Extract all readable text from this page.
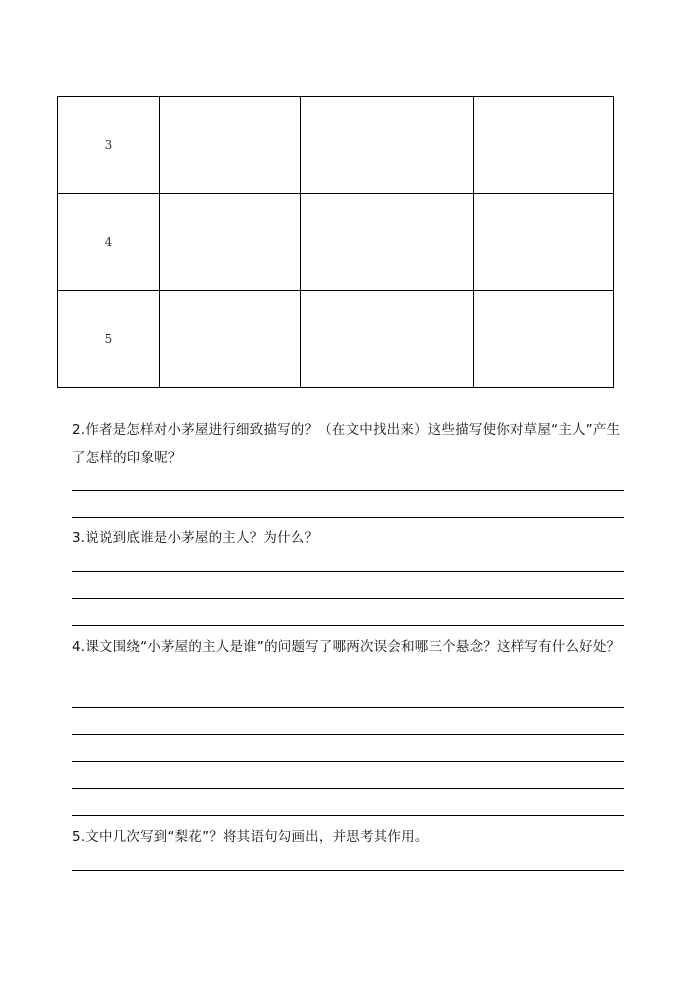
3			
4			
5			
2.作者是怎样对小茅屋进行细致描写的？（在文中找出来）这些描写使你对草屋“主人”产生了怎样的印象呢？
3.说说到底谁是小茅屋的主人？为什么？
4.课文围绕“小茅屋的主人是谁”的问题写了哪两次误会和哪三个悬念？这样写有什么好处？
5.文中几次写到“梨花”？将其语句勾画出，并思考其作用。
